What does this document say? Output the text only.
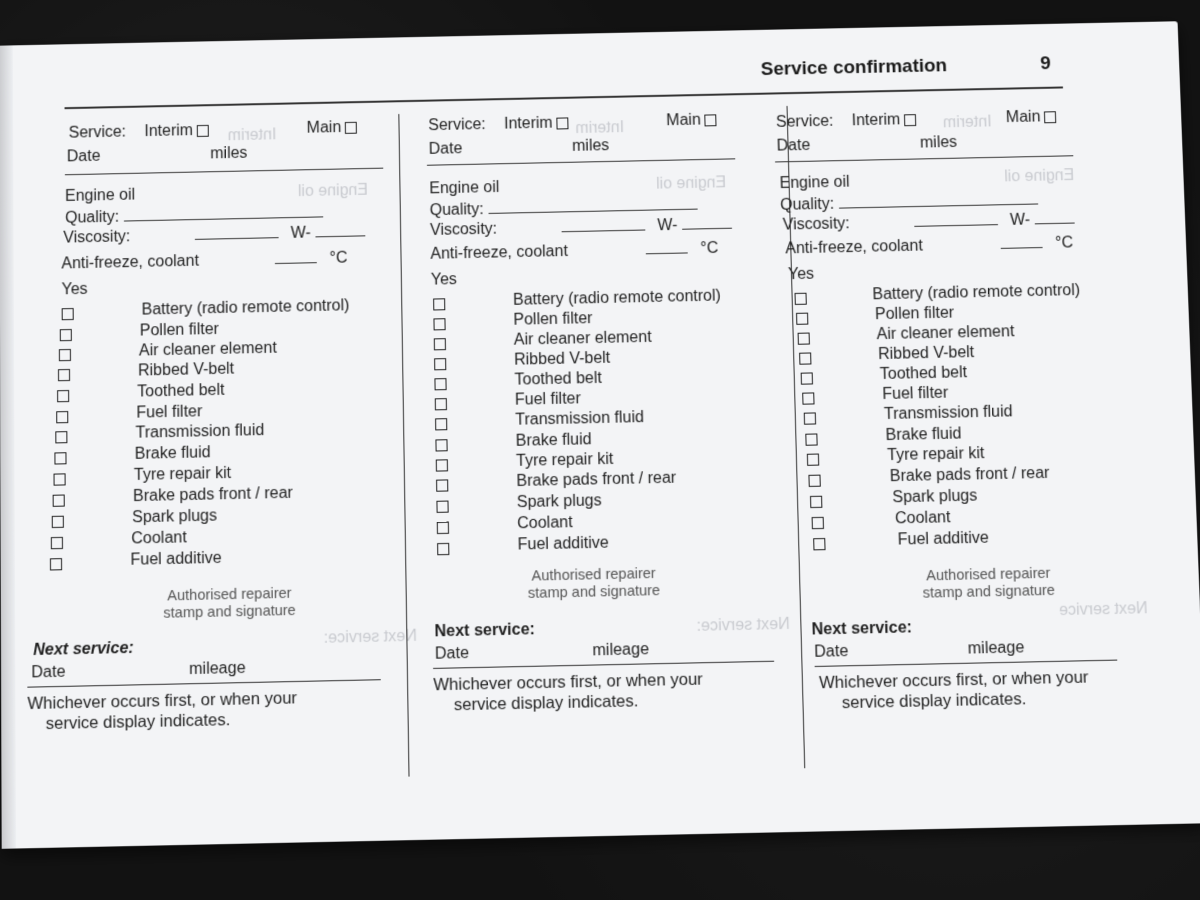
Service confirmation	9
Interim	Interim	Interim
Engine oil	Engine oil	Engine oil
Next service:
Next service:
Next service
Service: Interim	Main
Date	miles
Engine oil
Quality:
Viscosity:	W-
Anti-freeze, coolant	°C
Yes
Battery (radio remote control)
Pollen filter
Air cleaner element
Ribbed V-belt
Toothed belt
Fuel filter
Transmission fluid
Brake fluid
Tyre repair kit
Brake pads front / rear
Spark plugs
Coolant
Fuel additive
Authorised repairer
stamp and signature
Next service:
Date	mileage
Whichever occurs first, or when your
service display indicates.
Service: Interim	Main
Date	miles
Engine oil
Quality:
Viscosity:	W-
Anti-freeze, coolant	°C
Yes
Battery (radio remote control)
Pollen filter
Air cleaner element
Ribbed V-belt
Toothed belt
Fuel filter
Transmission fluid
Brake fluid
Tyre repair kit
Brake pads front / rear
Spark plugs
Coolant
Fuel additive
Authorised repairer
stamp and signature
Next service:
Date	mileage
Whichever occurs first, or when your
service display indicates.
Service: Interim	Main
Date	miles
Engine oil
Quality:
Viscosity:	W-
Anti-freeze, coolant	°C
Yes
Battery (radio remote control)
Pollen filter
Air cleaner element
Ribbed V-belt
Toothed belt
Fuel filter
Transmission fluid
Brake fluid
Tyre repair kit
Brake pads front / rear
Spark plugs
Coolant
Fuel additive
Authorised repairer
stamp and signature
Next service:
Date	mileage
Whichever occurs first, or when your
service display indicates.
